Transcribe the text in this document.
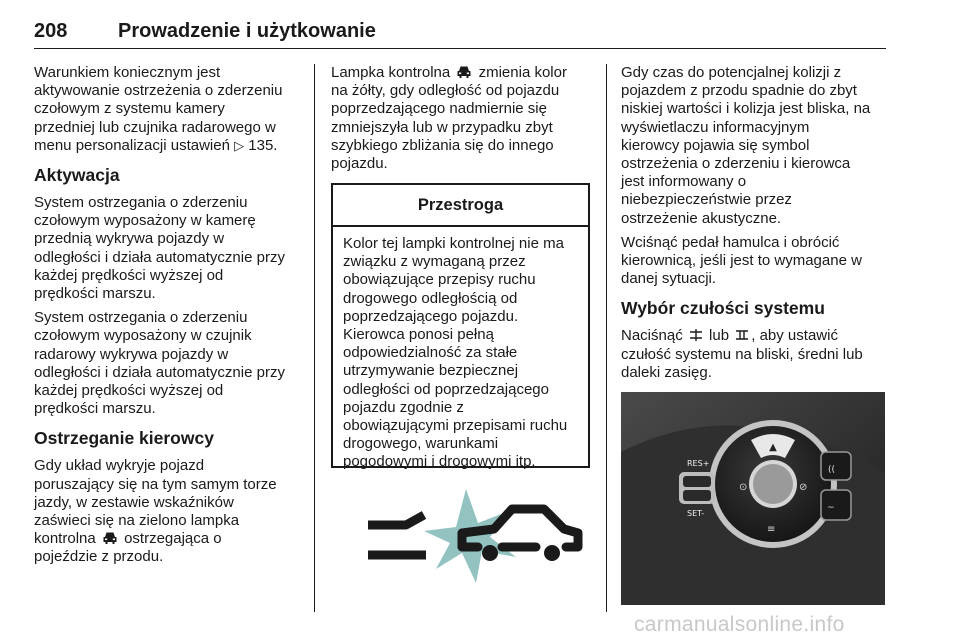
208	Prowadzenie i użytkowanie

Warunkiem koniecznym jest
aktywowanie ostrzeżenia o zderzeniu
czołowym z systemu kamery
przedniej lub czujnika radarowego w
menu personalizacji ustawień ▷ 135.

Aktywacja

System ostrzegania o zderzeniu
czołowym wyposażony w kamerę
przednią wykrywa pojazdy w
odległości i działa automatycznie przy
każdej prędkości wyższej od
prędkości marszu.

System ostrzegania o zderzeniu
czołowym wyposażony w czujnik
radarowy wykrywa pojazdy w
odległości i działa automatycznie przy
każdej prędkości wyższej od
prędkości marszu.

Ostrzeganie kierowcy

Gdy układ wykryje pojazd
poruszający się na tym samym torze
jazdy, w zestawie wskaźników
zaświeci się na zielono lampka
kontrolna ostrzegająca o
pojeździe z przodu.

Lampka kontrolna zmienia kolor
na żółty, gdy odległość od pojazdu
poprzedzającego nadmiernie się
zmniejszyła lub w przypadku zbyt
szybkiego zbliżania się do innego
pojazdu.

Przestroga
Kolor tej lampki kontrolnej nie ma
związku z wymaganą przez
obowiązujące przepisy ruchu
drogowego odległością od
poprzedzającego pojazdu.
Kierowca ponosi pełną
odpowiedzialność za stałe
utrzymywanie bezpiecznej
odległości od poprzedzającego
pojazdu zgodnie z
obowiązującymi przepisami ruchu
drogowego, warunkami
pogodowymi i drogowymi itp.

Gdy czas do potencjalnej kolizji z
pojazdem z przodu spadnie do zbyt
niskiej wartości i kolizja jest bliska, na
wyświetlaczu informacyjnym
kierowcy pojawia się symbol
ostrzeżenia o zderzeniu i kierowca
jest informowany o
niebezpieczeństwie przez
ostrzeżenie akustyczne.

Wciśnąć pedał hamulca i obrócić
kierownicą, jeśli jest to wymagane w
danej sytuacji.

Wybór czułości systemu

Naciśnąć lub , aby ustawić
czułość systemu na bliski, średni lub
daleki zasięg.

▲
⊙	⊘
≡
RES+
SET-
((
~
carmanualsonline.info
